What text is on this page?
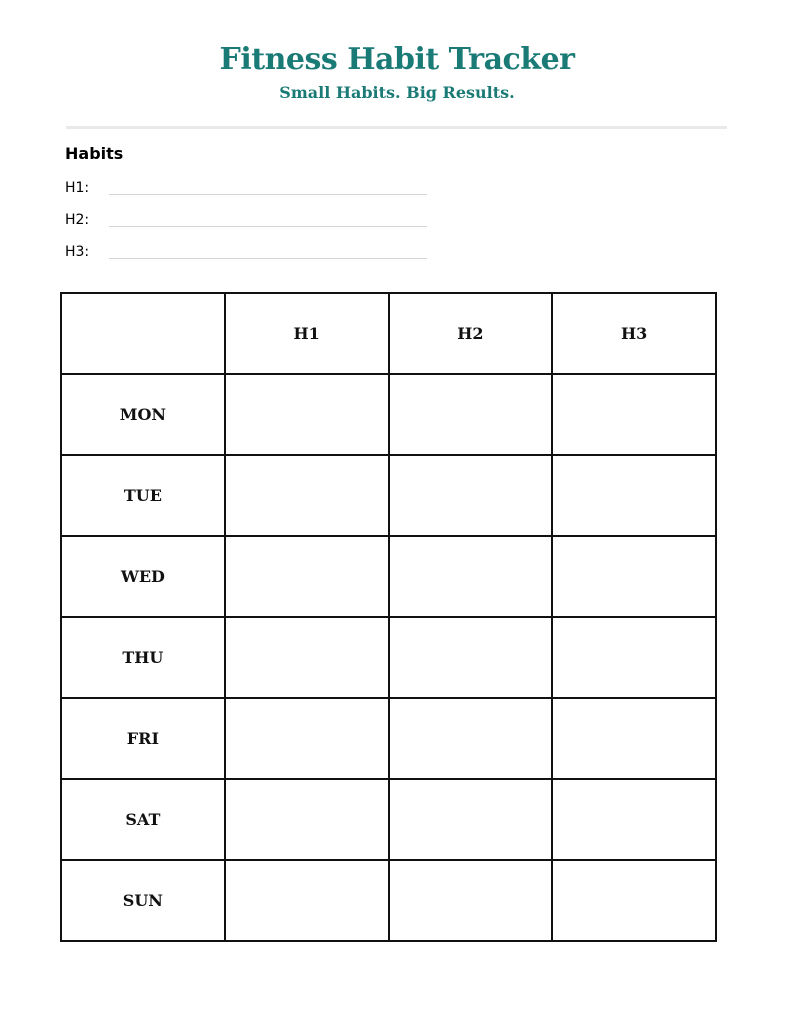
Fitness Habit Tracker
Small Habits. Big Results.
Habits
H1:
H2:
H3:
	H1	H2	H3
MON			
TUE			
WED			
THU			
FRI			
SAT			
SUN			
